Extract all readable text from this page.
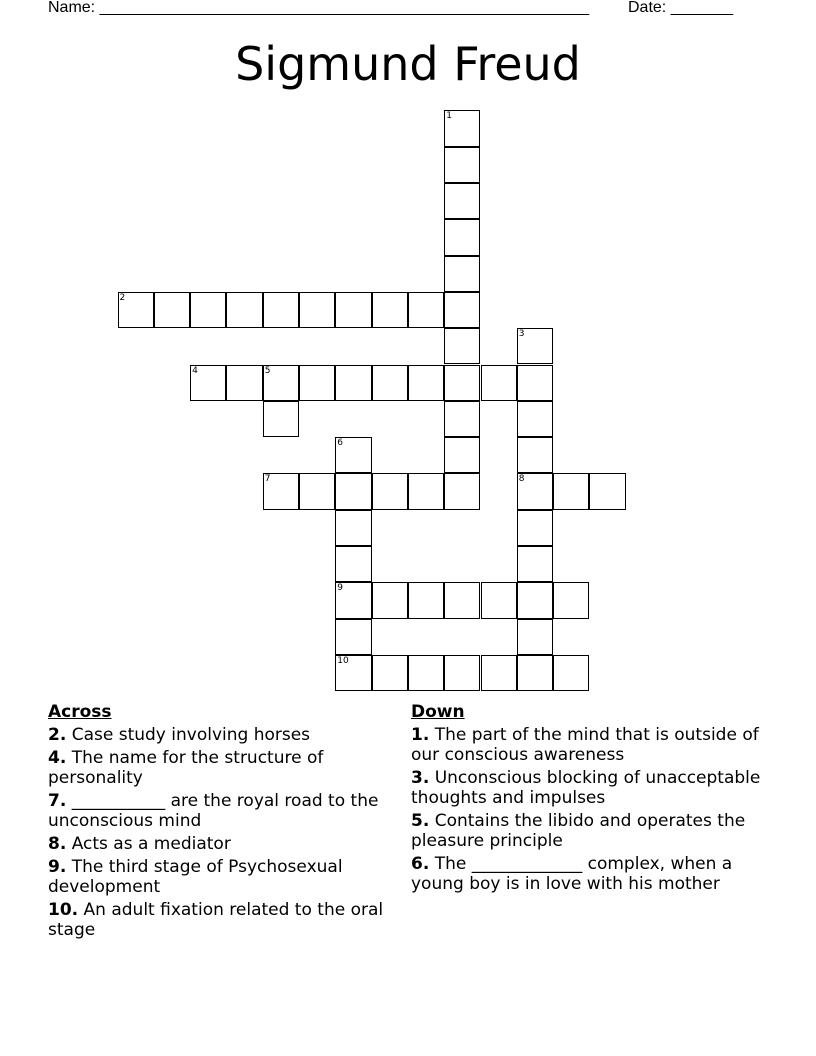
Name: _______________________________________________________ Date: _______
Sigmund Freud
1
2
3
4	5
6
7	8
9
10
Across
2. Case study involving horses
4. The name for the structure of personality
7. ___________ are the royal road to the unconscious mind
8. Acts as a mediator
9. The third stage of Psychosexual development
10. An adult fixation related to the oral stage
Down
1. The part of the mind that is outside of our conscious awareness
3. Unconscious blocking of unacceptable thoughts and impulses
5. Contains the libido and operates the pleasure principle
6. The _____________ complex, when a young boy is in love with his mother
